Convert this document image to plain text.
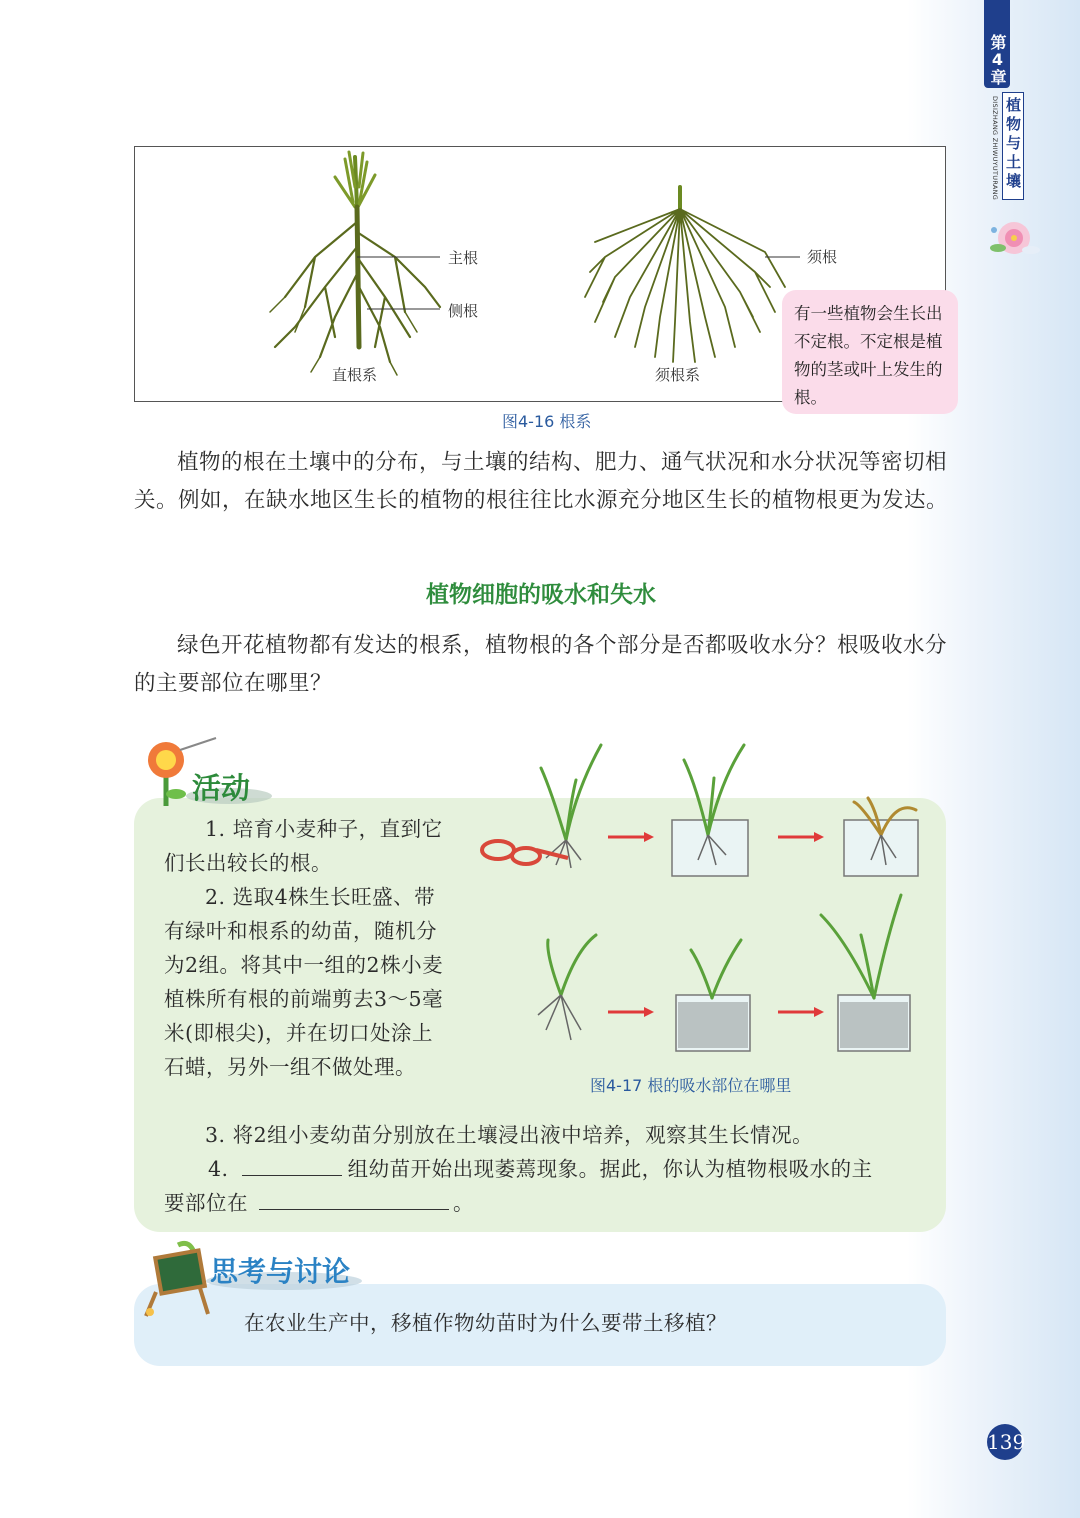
第4章
DISIZHANG ZHIWUYUTURANG 植物与土壤
主根
侧根
须根
直根系	须根系
图4-16 根系
有一些植物会生长出不定根。不定根是植物的茎或叶上发生的根。
植物的根在土壤中的分布，与土壤的结构、肥力、通气状况和水分状况等密切相关。例如，在缺水地区生长的植物的根往往比水源充分地区生长的植物根更为发达。
植物细胞的吸水和失水
绿色开花植物都有发达的根系，植物根的各个部分是否都吸收水分？根吸收水分的主要部位在哪里？
活动
1. 培育小麦种子，直到它们长出较长的根。
2. 选取4株生长旺盛、带有绿叶和根系的幼苗，随机分为2组。将其中一组的2株小麦植株所有根的前端剪去3～5毫米(即根尖)，并在切口处涂上石蜡，另外一组不做处理。
3. 将2组小麦幼苗分别放在土壤浸出液中培养，观察其生长情况。
4.	组幼苗开始出现萎蔫现象。据此，你认为植物根吸水的主
要部位在	。
图4-17 根的吸水部位在哪里
思考与讨论
在农业生产中，移植作物幼苗时为什么要带土移植？
139
